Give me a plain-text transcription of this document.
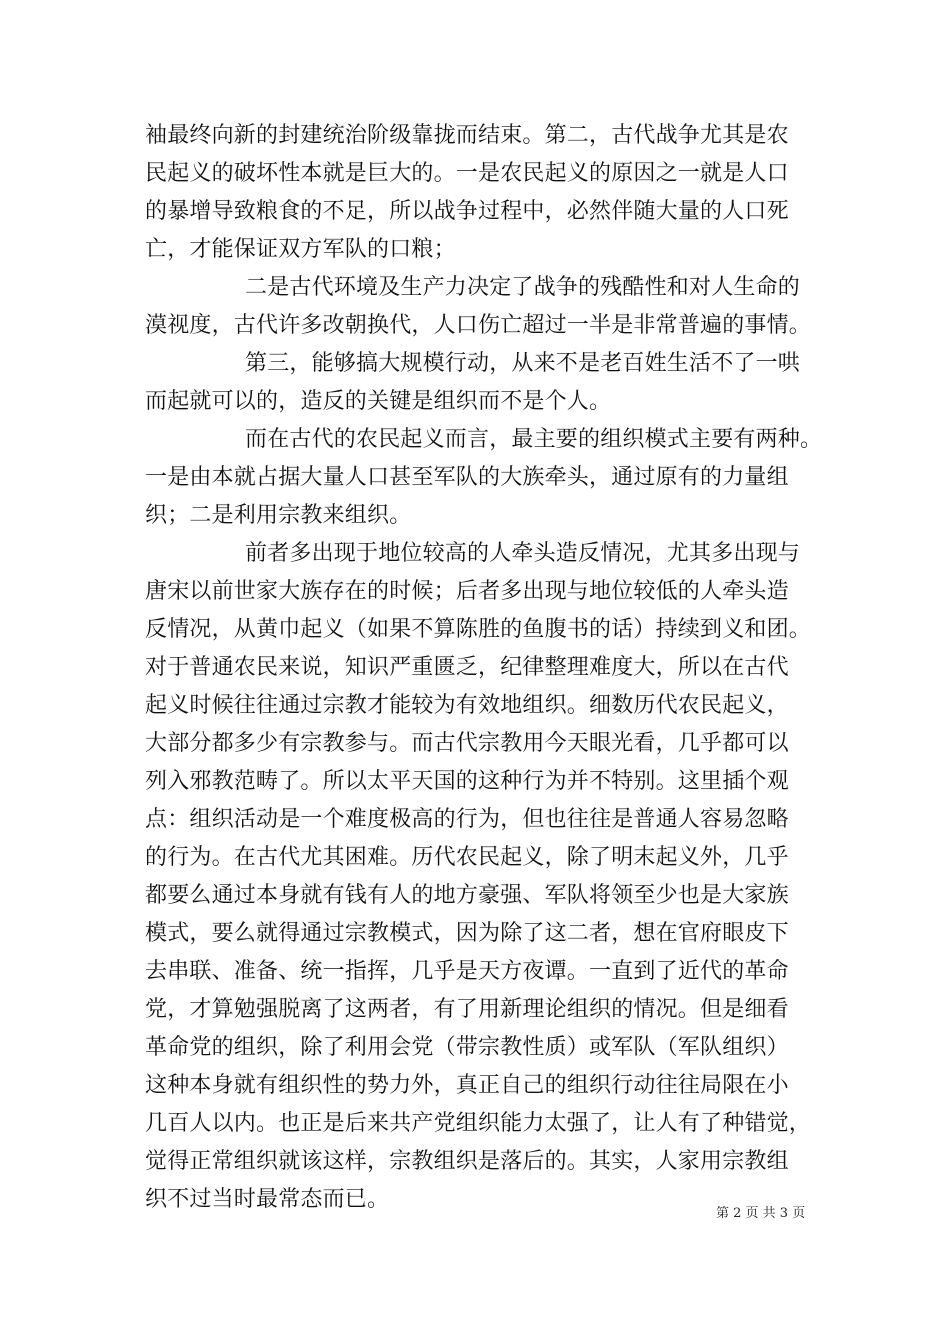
袖最终向新的封建统治阶级靠拢而结束。第二，古代战争尤其是农
民起义的破坏性本就是巨大的。一是农民起义的原因之一就是人口
的暴增导致粮食的不足，所以战争过程中，必然伴随大量的人口死
亡，才能保证双方军队的口粮；
二是古代环境及生产力决定了战争的残酷性和对人生命的
漠视度，古代许多改朝换代，人口伤亡超过一半是非常普遍的事情。
第三，能够搞大规模行动，从来不是老百姓生活不了一哄
而起就可以的，造反的关键是组织而不是个人。
而在古代的农民起义而言，最主要的组织模式主要有两种。
一是由本就占据大量人口甚至军队的大族牵头，通过原有的力量组
织；二是利用宗教来组织。
前者多出现于地位较高的人牵头造反情况，尤其多出现与
唐宋以前世家大族存在的时候；后者多出现与地位较低的人牵头造
反情况，从黄巾起义（如果不算陈胜的鱼腹书的话）持续到义和团。
对于普通农民来说，知识严重匮乏，纪律整理难度大，所以在古代
起义时候往往通过宗教才能较为有效地组织。细数历代农民起义，
大部分都多少有宗教参与。而古代宗教用今天眼光看，几乎都可以
列入邪教范畴了。所以太平天国的这种行为并不特别。这里插个观
点：组织活动是一个难度极高的行为，但也往往是普通人容易忽略
的行为。在古代尤其困难。历代农民起义，除了明末起义外，几乎
都要么通过本身就有钱有人的地方豪强、军队将领至少也是大家族
模式，要么就得通过宗教模式，因为除了这二者，想在官府眼皮下
去串联、准备、统一指挥，几乎是天方夜谭。一直到了近代的革命
党，才算勉强脱离了这两者，有了用新理论组织的情况。但是细看
革命党的组织，除了利用会党（带宗教性质）或军队（军队组织）
这种本身就有组织性的势力外，真正自己的组织行动往往局限在小
几百人以内。也正是后来共产党组织能力太强了，让人有了种错觉，
觉得正常组织就该这样，宗教组织是落后的。其实，人家用宗教组
织不过当时最常态而已。
第 2 页 共 3 页
